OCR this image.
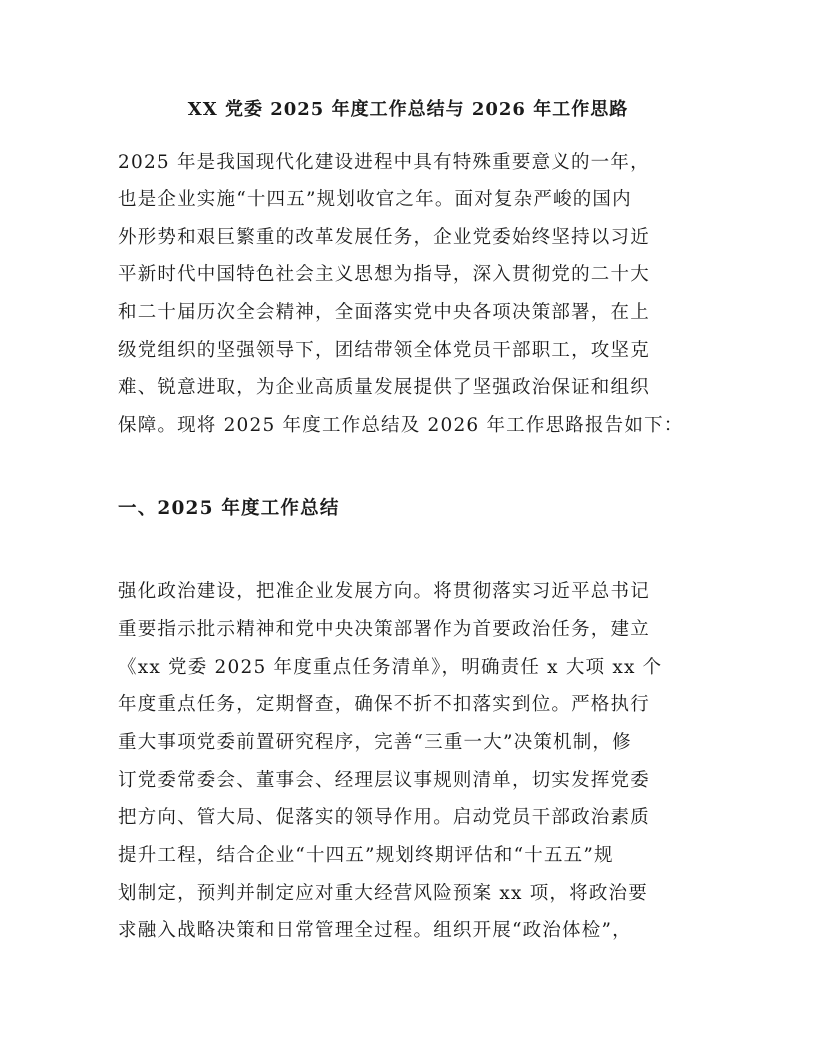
XX 党委 2025 年度工作总结与 2026 年工作思路

2025 年是我国现代化建设进程中具有特殊重要意义的一年，

也是企业实施“十四五”规划收官之年。面对复杂严峻的国内

外形势和艰巨繁重的改革发展任务，企业党委始终坚持以习近

平新时代中国特色社会主义思想为指导，深入贯彻党的二十大

和二十届历次全会精神，全面落实党中央各项决策部署，在上

级党组织的坚强领导下，团结带领全体党员干部职工，攻坚克

难、锐意进取，为企业高质量发展提供了坚强政治保证和组织

保障。现将 2025 年度工作总结及 2026 年工作思路报告如下：

一、2025 年度工作总结

强化政治建设，把准企业发展方向。将贯彻落实习近平总书记

重要指示批示精神和党中央决策部署作为首要政治任务，建立

《xx 党委 2025 年度重点任务清单》，明确责任 x 大项 xx 个

年度重点任务，定期督查，确保不折不扣落实到位。严格执行

重大事项党委前置研究程序，完善“三重一大”决策机制，修

订党委常委会、董事会、经理层议事规则清单，切实发挥党委

把方向、管大局、促落实的领导作用。启动党员干部政治素质

提升工程，结合企业“十四五”规划终期评估和“十五五”规

划制定，预判并制定应对重大经营风险预案 xx 项，将政治要

求融入战略决策和日常管理全过程。组织开展“政治体检”，
